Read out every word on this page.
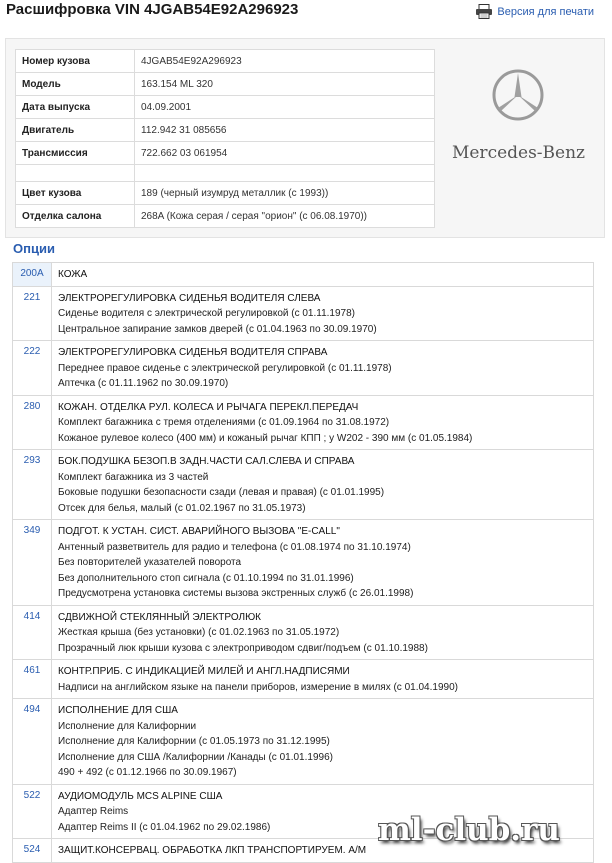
Расшифровка VIN 4JGAB54E92A296923	Версия для печати
Номер кузова	4JGAB54E92A296923
Модель	163.154 ML 320
Дата выпуска	04.09.2001
Двигатель	112.942 31 085656
Трансмиссия	722.662 03 061954

Цвет кузова	189 (черный изумруд металлик (с 1993))
Отделка салона	268A (Кожа серая / серая "орион" (с 06.08.1970))
Mercedes-Benz
Опции
200A	КОЖА

221	ЭЛЕКТРОРЕГУЛИРОВКА СИДЕНЬЯ ВОДИТЕЛЯ СЛЕВА
Сиденье водителя с электрической регулировкой (с 01.11.1978)
Центральное запирание замков дверей (с 01.04.1963 по 30.09.1970)

222	ЭЛЕКТРОРЕГУЛИРОВКА СИДЕНЬЯ ВОДИТЕЛЯ СПРАВА
Переднее правое сиденье с электрической регулировкой (с 01.11.1978)
Аптечка (с 01.11.1962 по 30.09.1970)

280	КОЖАН. ОТДЕЛКА РУЛ. КОЛЕСА И РЫЧАГА ПЕРЕКЛ.ПЕРЕДАЧ
Комплект багажника с тремя отделениями (с 01.09.1964 по 31.08.1972)
Кожаное рулевое колесо (400 мм) и кожаный рычаг КПП ; у W202 - 390 мм (с 01.05.1984)

293	БОК.ПОДУШКА БЕЗОП.В ЗАДН.ЧАСТИ САЛ.СЛЕВА И СПРАВА
Комплект багажника из 3 частей
Боковые подушки безопасности сзади (левая и правая) (с 01.01.1995)
Отсек для белья, малый (с 01.02.1967 по 31.05.1973)

349	ПОДГОТ. К УСТАН. СИСТ. АВАРИЙНОГО ВЫЗОВА "E-CALL"
Антенный разветвитель для радио и телефона (с 01.08.1974 по 31.10.1974)
Без повторителей указателей поворота
Без дополнительного стоп сигнала (с 01.10.1994 по 31.01.1996)
Предусмотрена установка системы вызова экстренных служб (с 26.01.1998)

414	СДВИЖНОЙ СТЕКЛЯННЫЙ ЭЛЕКТРОЛЮК
Жесткая крыша (без установки) (с 01.02.1963 по 31.05.1972)
Прозрачный люк крыши кузова с электроприводом сдвиг/подъем (с 01.10.1988)

461	КОНТР.ПРИБ. С ИНДИКАЦИЕЙ МИЛЕЙ И АНГЛ.НАДПИСЯМИ
Надписи на английском языке на панели приборов, измерение в милях (с 01.04.1990)

494	ИСПОЛНЕНИЕ ДЛЯ США
Исполнение для Калифорнии
Исполнение для Калифорнии (с 01.05.1973 по 31.12.1995)
Исполнение для США /Калифорнии /Канады (с 01.01.1996)
490 + 492 (с 01.12.1966 по 30.09.1967)

522	АУДИОМОДУЛЬ MCS ALPINE США
Адаптер Reims
Адаптер Reims II (с 01.04.1962 по 29.02.1986)

524	ЗАЩИТ.КОНСЕРВАЦ. ОБРАБОТКА ЛКП ТРАНСПОРТИРУЕМ. А/М
ml-club.ru
